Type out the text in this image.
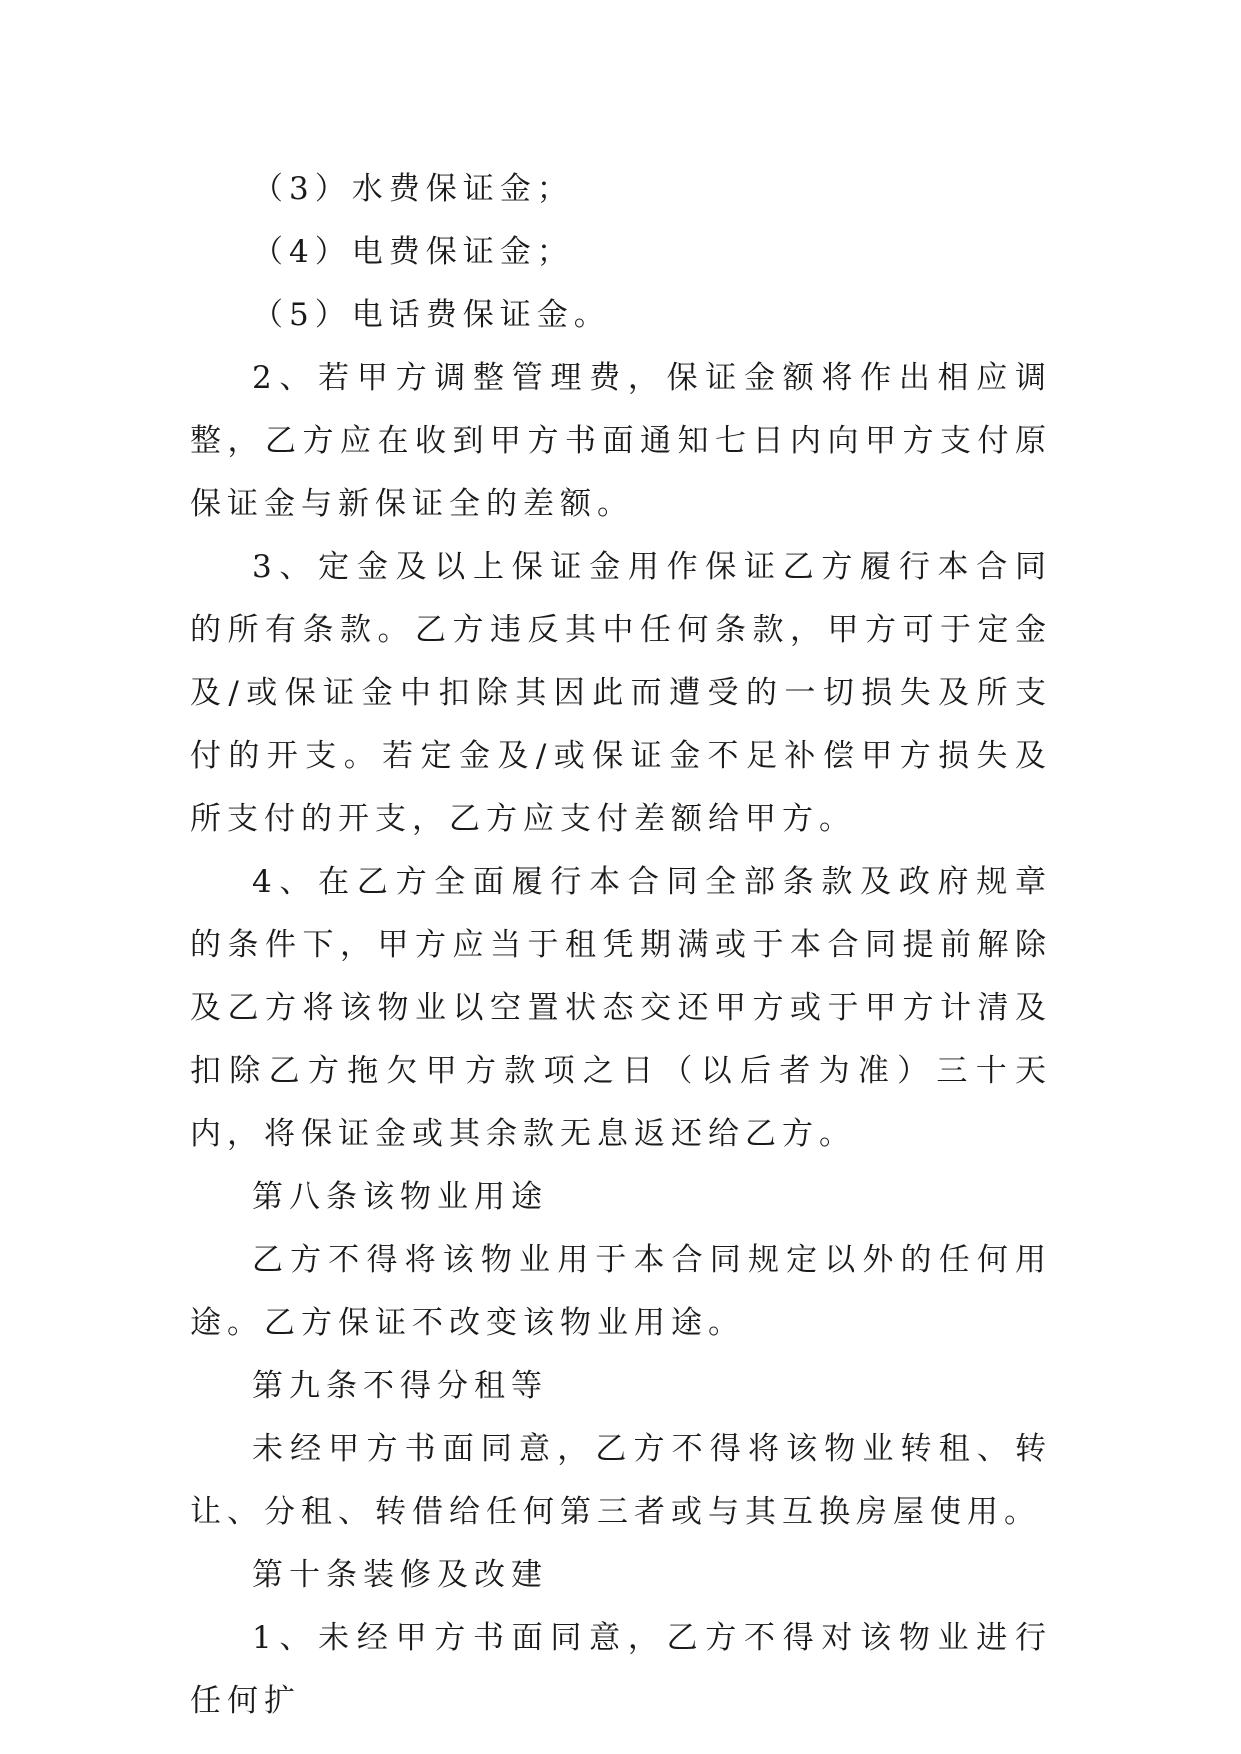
（3）水费保证金；

（4）电费保证金；

（5）电话费保证金。

2、若甲方调整管理费，保证金额将作出相应调整，乙方应在收到甲方书面通知七日内向甲方支付原保证金与新保证全的差额。

3、定金及以上保证金用作保证乙方履行本合同的所有条款。乙方违反其中任何条款，甲方可于定金及/或保证金中扣除其因此而遭受的一切损失及所支付的开支。若定金及/或保证金不足补偿甲方损失及所支付的开支，乙方应支付差额给甲方。

4、在乙方全面履行本合同全部条款及政府规章的条件下，甲方应当于租凭期满或于本合同提前解除及乙方将该物业以空置状态交还甲方或于甲方计清及扣除乙方拖欠甲方款项之日（以后者为准）三十天内，将保证金或其余款无息返还给乙方。

第八条该物业用途

乙方不得将该物业用于本合同规定以外的任何用途。乙方保证不改变该物业用途。

第九条不得分租等

未经甲方书面同意，乙方不得将该物业转租、转让、分租、转借给任何第三者或与其互换房屋使用。

第十条装修及改建

1、未经甲方书面同意，乙方不得对该物业进行任何扩
